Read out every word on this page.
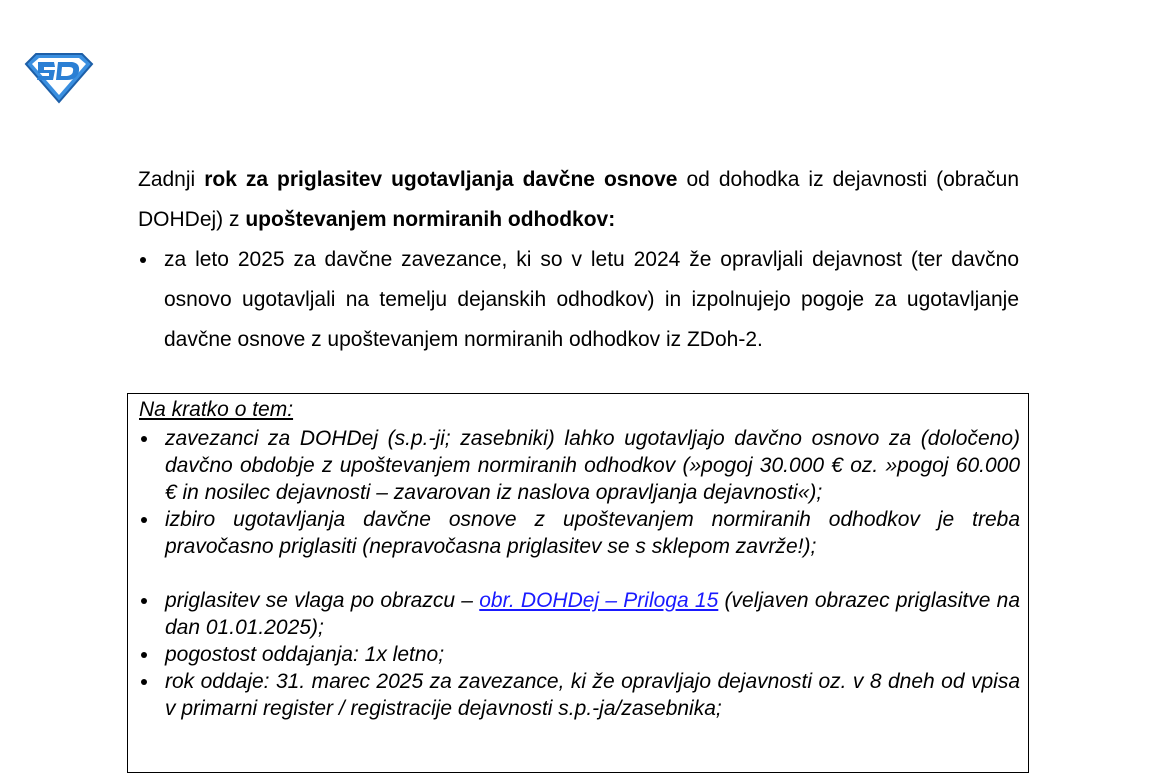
Zadnji rok za priglasitev ugotavljanja davčne osnove od dohodka iz dejavnosti (obračun DOHDej) z upoštevanjem normiranih odhodkov:

za leto 2025 za davčne zavezance, ki so v letu 2024 že opravljali dejavnost (ter davčno osnovo ugotavljali na temelju dejanskih odhodkov) in izpolnujejo pogoje za ugotavljanje davčne osnove z upoštevanjem normiranih odhodkov iz ZDoh-2.

Na kratko o tem:

zavezanci za DOHDej (s.p.-ji; zasebniki) lahko ugotavljajo davčno osnovo za (določeno) davčno obdobje z upoštevanjem normiranih odhodkov (»pogoj 30.000 € oz. »pogoj 60.000 € in nosilec dejavnosti – zavarovan iz naslova opravljanja dejavnosti«);
izbiro ugotavljanja davčne osnove z upoštevanjem normiranih odhodkov je treba pravočasno priglasiti (nepravočasna priglasitev se s sklepom zavrže!);
priglasitev se vlaga po obrazcu – obr. DOHDej – Priloga 15 (veljaven obrazec priglasitve na dan 01.01.2025);
pogostost oddajanja: 1x letno;
rok oddaje: 31. marec 2025 za zavezance, ki že opravljajo dejavnosti oz. v 8 dneh od vpisa v primarni register / registracije dejavnosti s.p.-ja/zasebnika;
